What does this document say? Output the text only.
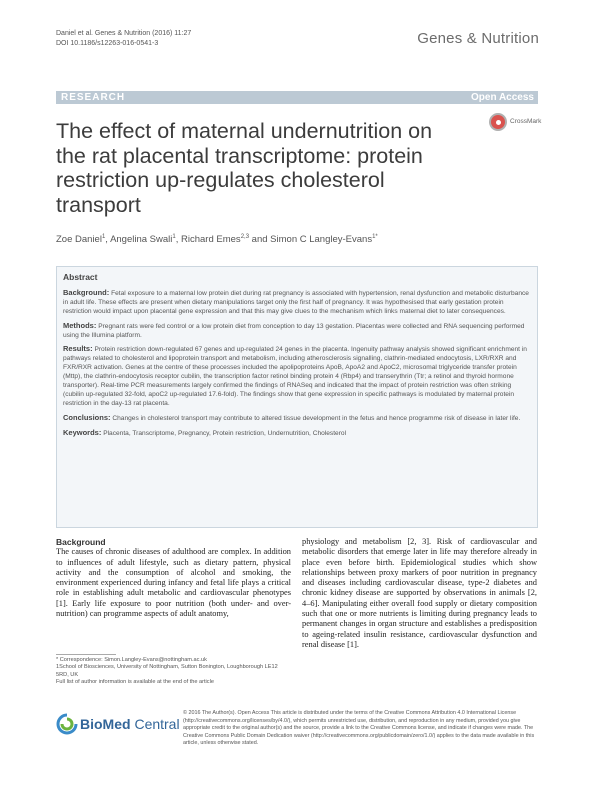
Daniel et al. Genes & Nutrition (2016) 11:27
DOI 10.1186/s12263-016-0541-3	Genes & Nutrition
RESEARCH	Open Access
The effect of maternal undernutrition on the rat placental transcriptome: protein restriction up-regulates cholesterol transport
CrossMark
Zoe Daniel$^1$, Angelina Swali$^1$, Richard Emes$^{2,3}$ and Simon C Langley-Evans$^{1*}$
Abstract

Background: Fetal exposure to a maternal low protein diet during rat pregnancy is associated with hypertension, renal dysfunction and metabolic disturbance in adult life. These effects are present when dietary manipulations target only the first half of pregnancy. It was hypothesised that early gestation protein restriction would impact upon placental gene expression and that this may give clues to the mechanism which links maternal diet to later consequences.

Methods: Pregnant rats were fed control or a low protein diet from conception to day 13 gestation. Placentas were collected and RNA sequencing performed using the Illumina platform.

Results: Protein restriction down-regulated 67 genes and up-regulated 24 genes in the placenta. Ingenuity pathway analysis showed significant enrichment in pathways related to cholesterol and lipoprotein transport and metabolism, including atherosclerosis signalling, clathrin-mediated endocytosis, LXR/RXR and FXR/RXR activation. Genes at the centre of these processes included the apolipoproteins ApoB, ApoA2 and ApoC2, microsomal triglyceride transfer protein (Mttp), the clathrin-endocytosis receptor cubilin, the transcription factor retinol binding protein 4 (Rbp4) and transerythrin (Ttr; a retinol and thyroid hormone transporter). Real-time PCR measurements largely confirmed the findings of RNASeq and indicated that the impact of protein restriction was often striking (cubilin up-regulated 32-fold, apoC2 up-regulated 17.6-fold). The findings show that gene expression in specific pathways is modulated by maternal protein restriction in the day-13 rat placenta.

Conclusions: Changes in cholesterol transport may contribute to altered tissue development in the fetus and hence programme risk of disease in later life.

Keywords: Placenta, Transcriptome, Pregnancy, Protein restriction, Undernutrition, Cholesterol

Background

The causes of chronic diseases of adulthood are complex. In addition to influences of adult lifestyle, such as dietary pattern, physical activity and the consumption of alcohol and smoking, the environment experienced during infancy and fetal life plays a critical role in establishing adult metabolic and cardiovascular phenotypes [1]. Early life exposure to poor nutrition (both under- and over-nutrition) can programme aspects of adult anatomy,

physiology and metabolism [2, 3]. Risk of cardiovascular and metabolic disorders that emerge later in life may therefore already in place even before birth. Epidemiological studies which show relationships between proxy markers of poor nutrition in pregnancy and diseases including cardiovascular disease, type-2 diabetes and chronic kidney disease are supported by observations in animals [2, 4–6]. Manipulating either overall food supply or dietary composition such that one or more nutrients is limiting during pregnancy leads to permanent changes in organ structure and establishes a predisposition to ageing-related insulin resistance, cardiovascular dysfunction and renal disease [1].

* Correspondence: Simon.Langley-Evans@nottingham.ac.uk
1School of Biosciences, University of Nottingham, Sutton Bonington, Loughborough LE12 5RD, UK
Full list of author information is available at the end of the article
BioMed Central
© 2016 The Author(s). Open Access This article is distributed under the terms of the Creative Commons Attribution 4.0 International License (http://creativecommons.org/licenses/by/4.0/), which permits unrestricted use, distribution, and reproduction in any medium, provided you give appropriate credit to the original author(s) and the source, provide a link to the Creative Commons license, and indicate if changes were made. The Creative Commons Public Domain Dedication waiver (http://creativecommons.org/publicdomain/zero/1.0/) applies to the data made available in this article, unless otherwise stated.
